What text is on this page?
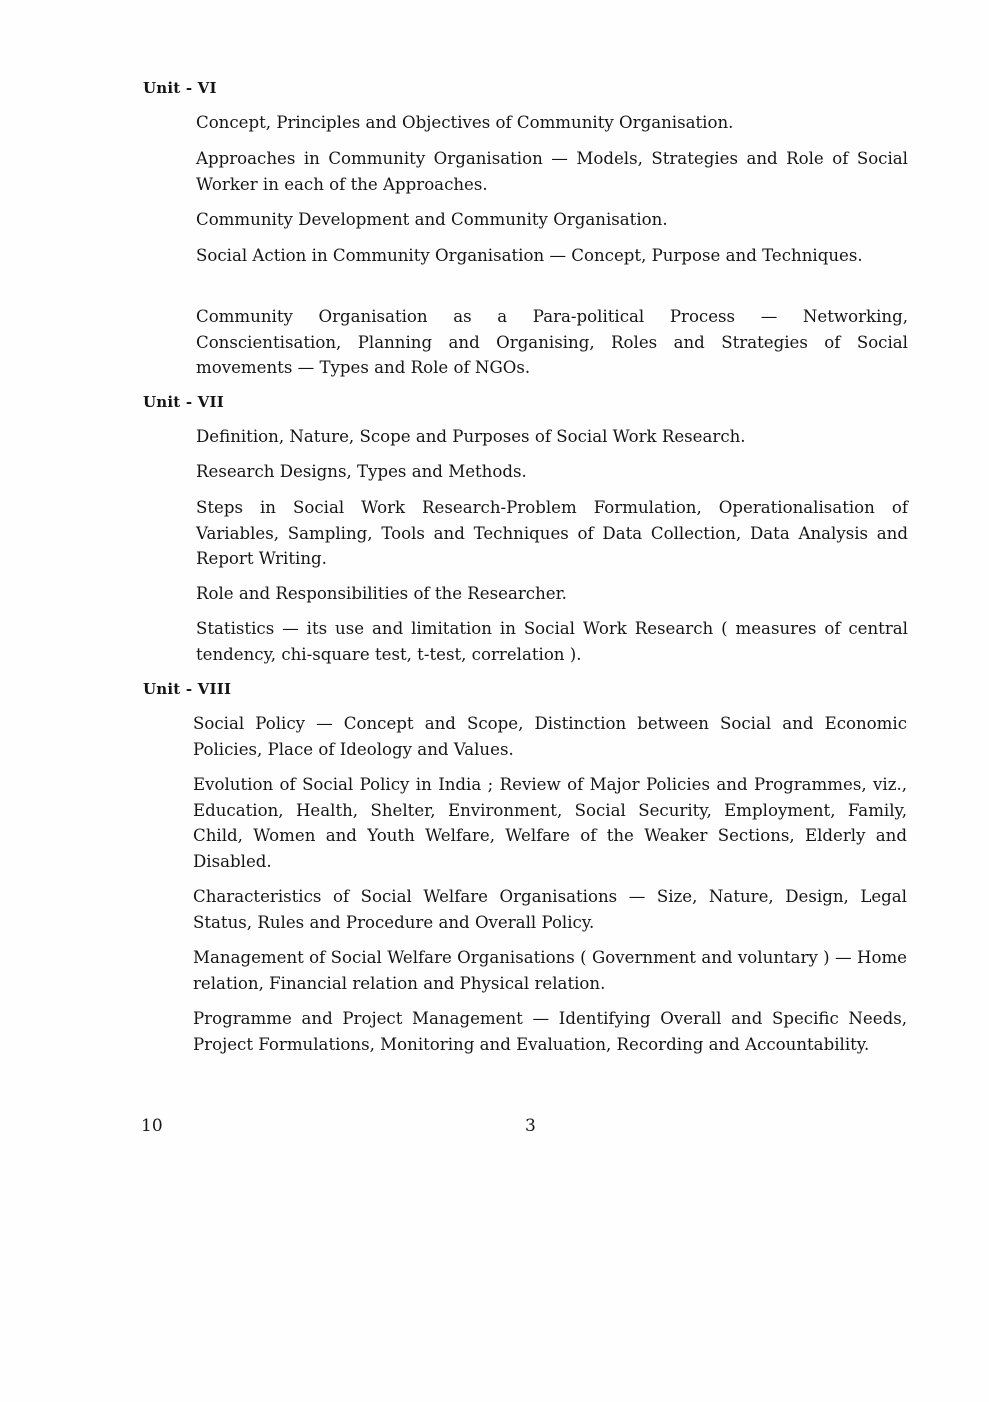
Unit - VI

Concept, Principles and Objectives of Community Organisation.

Approaches in Community Organisation — Models, Strategies and Role of Social Worker in each of the Approaches.

Community Development and Community Organisation.

Social Action in Community Organisation — Concept, Purpose and Techniques.

Community Organisation as a Para-political Process — Networking, Conscientisation, Planning and Organising, Roles and Strategies of Social movements — Types and Role of NGOs.

Unit - VII

Definition, Nature, Scope and Purposes of Social Work Research.

Research Designs, Types and Methods.

Steps in Social Work Research-Problem Formulation, Operationalisation of Variables, Sampling, Tools and Techniques of Data Collection, Data Analysis and Report Writing.

Role and Responsibilities of the Researcher.

Statistics — its use and limitation in Social Work Research ( measures of central tendency, chi-square test, t-test, correlation ).

Unit - VIII

Social Policy — Concept and Scope, Distinction between Social and Economic Policies, Place of Ideology and Values.

Evolution of Social Policy in India ; Review of Major Policies and Programmes, viz., Education, Health, Shelter, Environment, Social Security, Employment, Family, Child, Women and Youth Welfare, Welfare of the Weaker Sections, Elderly and Disabled.

Characteristics of Social Welfare Organisations — Size, Nature, Design, Legal Status, Rules and Procedure and Overall Policy.

Management of Social Welfare Organisations ( Government and voluntary ) — Home relation, Financial relation and Physical relation.

Programme and Project Management — Identifying Overall and Specific Needs, Project Formulations, Monitoring and Evaluation, Recording and Accountability.

10	3
